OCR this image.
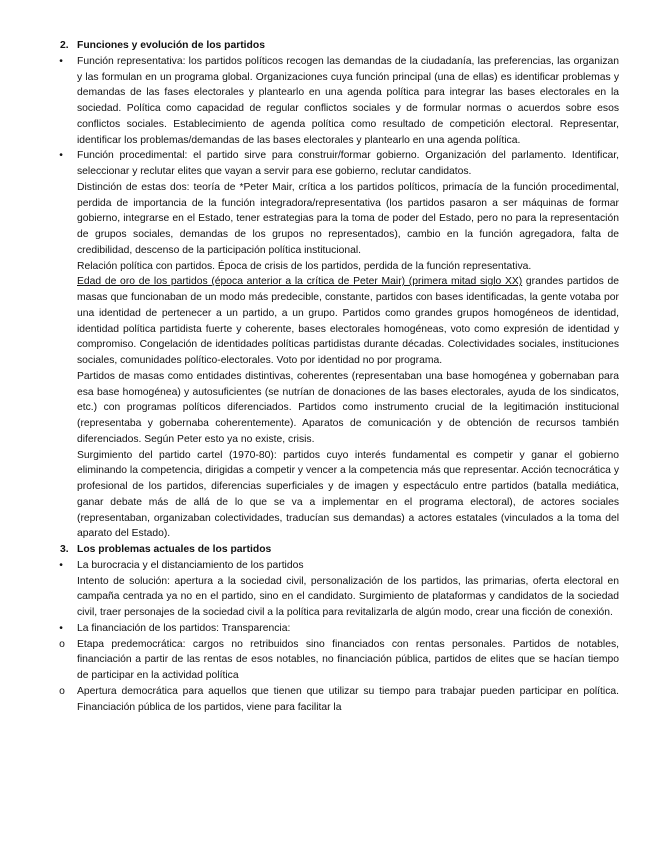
2. Funciones y evolución de los partidos

•	Función representativa: los partidos políticos recogen las demandas de la ciudadanía, las preferencias, las organizan y las formulan en un programa global. Organizaciones cuya función principal (una de ellas) es identificar problemas y demandas de las fases electorales y plantearlo en una agenda política para integrar las bases electorales en la sociedad. Política como capacidad de regular conflictos sociales y de formular normas o acuerdos sobre esos conflictos sociales. Establecimiento de agenda política como resultado de competición electoral. Representar, identificar los problemas/demandas de las bases electorales y plantearlo en una agenda política.

•	Función procedimental: el partido sirve para construir/formar gobierno. Organización del parlamento. Identificar, seleccionar y reclutar elites que vayan a servir para ese gobierno, reclutar candidatos.

Distinción de estas dos: teoría de *Peter Mair, crítica a los partidos políticos, primacía de la función procedimental, perdida de importancia de la función integradora/representativa (los partidos pasaron a ser máquinas de formar gobierno, integrarse en el Estado, tener estrategias para la toma de poder del Estado, pero no para la representación de grupos sociales, demandas de los grupos no representados), cambio en la función agregadora, falta de credibilidad, descenso de la participación política institucional.

Relación política con partidos. Época de crisis de los partidos, perdida de la función representativa.

Edad de oro de los partidos (época anterior a la crítica de Peter Mair) (primera mitad siglo XX) grandes partidos de masas que funcionaban de un modo más predecible, constante, partidos con bases identificadas, la gente votaba por una identidad de pertenecer a un partido, a un grupo. Partidos como grandes grupos homogéneos de identidad, identidad política partidista fuerte y coherente, bases electorales homogéneas, voto como expresión de identidad y compromiso. Congelación de identidades políticas partidistas durante décadas. Colectividades sociales, instituciones sociales, comunidades político-electorales. Voto por identidad no por programa.

Partidos de masas como entidades distintivas, coherentes (representaban una base homogénea y gobernaban para esa base homogénea) y autosuficientes (se nutrían de donaciones de las bases electorales, ayuda de los sindicatos, etc.) con programas políticos diferenciados. Partidos como instrumento crucial de la legitimación institucional (representaba y gobernaba coherentemente). Aparatos de comunicación y de obtención de recursos también diferenciados. Según Peter esto ya no existe, crisis.

Surgimiento del partido cartel (1970-80): partidos cuyo interés fundamental es competir y ganar el gobierno eliminando la competencia, dirigidas a competir y vencer a la competencia más que representar. Acción tecnocrática y profesional de los partidos, diferencias superficiales y de imagen y espectáculo entre partidos (batalla mediática, ganar debate más de allá de lo que se va a implementar en el programa electoral), de actores sociales (representaban, organizaban colectividades, traducían sus demandas) a actores estatales (vinculados a la toma del aparato del Estado).

3. Los problemas actuales de los partidos

•	La burocracia y el distanciamiento de los partidos

Intento de solución: apertura a la sociedad civil, personalización de los partidos, las primarias, oferta electoral en campaña centrada ya no en el partido, sino en el candidato. Surgimiento de plataformas y candidatos de la sociedad civil, traer personajes de la sociedad civil a la política para revitalizarla de algún modo, crear una ficción de conexión.

•	La financiación de los partidos: Transparencia:

o Etapa predemocrática: cargos no retribuidos sino financiados con rentas personales. Partidos de notables, financiación a partir de las rentas de esos notables, no financiación pública, partidos de elites que se hacían tiempo de participar en la actividad política

o Apertura democrática para aquellos que tienen que utilizar su tiempo para trabajar pueden participar en política. Financiación pública de los partidos, viene para facilitar la
